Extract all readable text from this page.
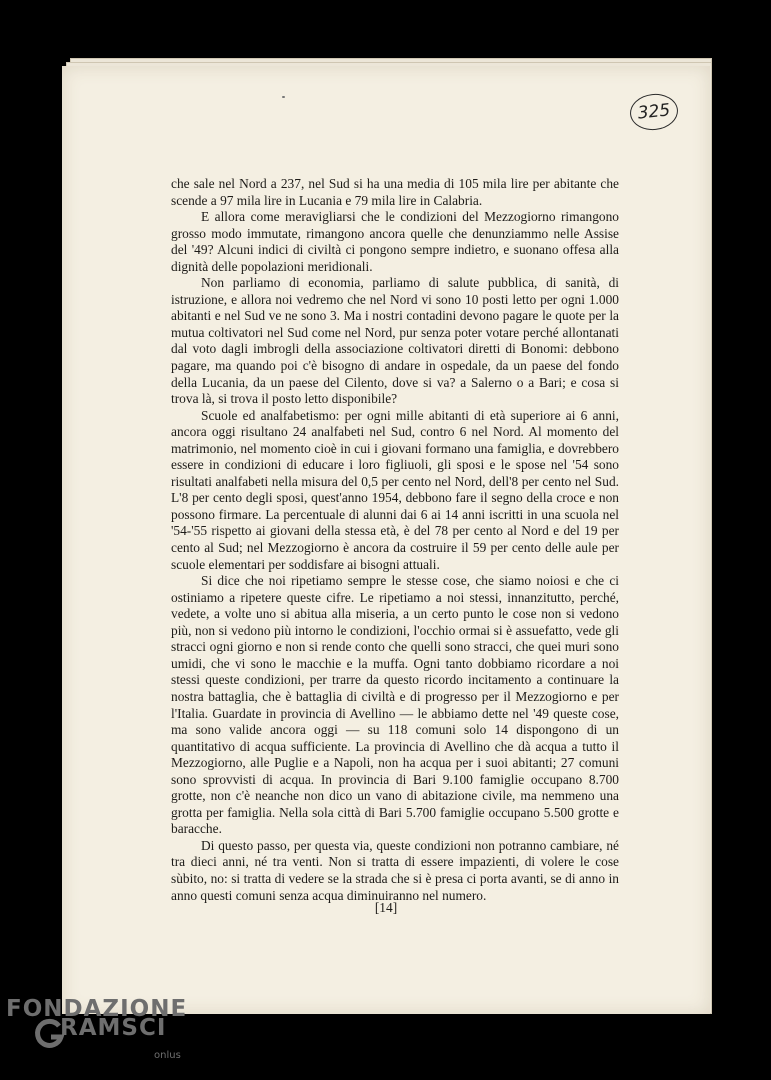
325

che sale nel Nord a 237, nel Sud si ha una media di 105 mila lire per abitante che scende a 97 mila lire in Lucania e 79 mila lire in Calabria.

E allora come meravigliarsi che le condizioni del Mezzogiorno rimangono grosso modo immutate, rimangono ancora quelle che denunziammo nelle Assise del '49? Alcuni indici di civiltà ci pongono sempre indietro, e suonano offesa alla dignità delle popolazioni meridionali.

Non parliamo di economia, parliamo di salute pubblica, di sanità, di istruzione, e allora noi vedremo che nel Nord vi sono 10 posti letto per ogni 1.000 abitanti e nel Sud ve ne sono 3. Ma i nostri contadini devono pagare le quote per la mutua coltivatori nel Sud come nel Nord, pur senza poter votare perché allontanati dal voto dagli imbrogli della associazione coltivatori diretti di Bonomi: debbono pagare, ma quando poi c'è bisogno di andare in ospedale, da un paese del fondo della Lucania, da un paese del Cilento, dove si va? a Salerno o a Bari; e cosa si trova là, si trova il posto letto disponibile?

Scuole ed analfabetismo: per ogni mille abitanti di età superiore ai 6 anni, ancora oggi risultano 24 analfabeti nel Sud, contro 6 nel Nord. Al momento del matrimonio, nel momento cioè in cui i giovani formano una famiglia, e dovrebbero essere in condizioni di educare i loro figliuoli, gli sposi e le spose nel '54 sono risultati analfabeti nella misura del 0,5 per cento nel Nord, dell'8 per cento nel Sud. L'8 per cento degli sposi, quest'anno 1954, debbono fare il segno della croce e non possono firmare. La percentuale di alunni dai 6 ai 14 anni iscritti in una scuola nel '54-'55 rispetto ai giovani della stessa età, è del 78 per cento al Nord e del 19 per cento al Sud; nel Mezzogiorno è ancora da costruire il 59 per cento delle aule per scuole elementari per soddisfare ai bisogni attuali.

Si dice che noi ripetiamo sempre le stesse cose, che siamo noiosi e che ci ostiniamo a ripetere queste cifre. Le ripetiamo a noi stessi, innanzitutto, perché, vedete, a volte uno si abitua alla miseria, a un certo punto le cose non si vedono più, non si vedono più intorno le condizioni, l'occhio ormai si è assuefatto, vede gli stracci ogni giorno e non si rende conto che quelli sono stracci, che quei muri sono umidi, che vi sono le macchie e la muffa. Ogni tanto dobbiamo ricordare a noi stessi queste condizioni, per trarre da questo ricordo incitamento a continuare la nostra battaglia, che è battaglia di civiltà e di progresso per il Mezzogiorno e per l'Italia. Guardate in provincia di Avellino — le abbiamo dette nel '49 queste cose, ma sono valide ancora oggi — su 118 comuni solo 14 dispongono di un quantitativo di acqua sufficiente. La provincia di Avellino che dà acqua a tutto il Mezzogiorno, alle Puglie e a Napoli, non ha acqua per i suoi abitanti; 27 comuni sono sprovvisti di acqua. In provincia di Bari 9.100 famiglie occupano 8.700 grotte, non c'è neanche non dico un vano di abitazione civile, ma nemmeno una grotta per famiglia. Nella sola città di Bari 5.700 famiglie occupano 5.500 grotte e baracche.

Di questo passo, per questa via, queste condizioni non potranno cambiare, né tra dieci anni, né tra venti. Non si tratta di essere impazienti, di volere le cose sùbito, no: si tratta di vedere se la strada che si è presa ci porta avanti, se di anno in anno questi comuni senza acqua diminuiranno nel numero.

[14]
FONDAZIONE
RAMSCI
onlus
